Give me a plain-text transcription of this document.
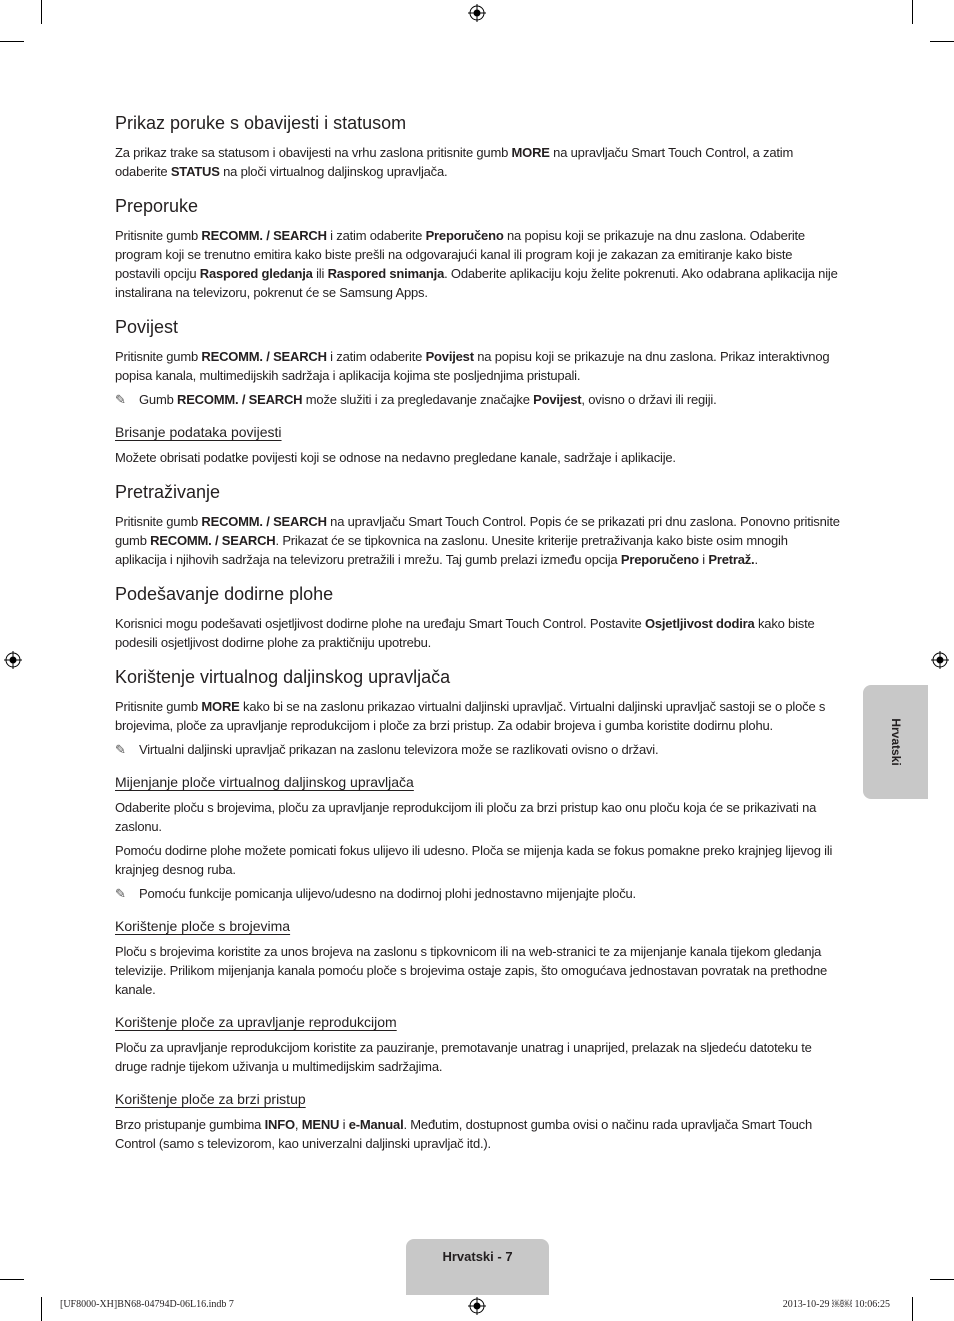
Prikaz poruke s obavijesti i statusom

Za prikaz trake sa statusom i obavijesti na vrhu zaslona pritisnite gumb MORE na upravljaču Smart Touch Control, a zatim odaberite STATUS na ploči virtualnog daljinskog upravljača.

Preporuke

Pritisnite gumb RECOMM. / SEARCH i zatim odaberite Preporučeno na popisu koji se prikazuje na dnu zaslona. Odaberite program koji se trenutno emitira kako biste prešli na odgovarajući kanal ili program koji je zakazan za emitiranje kako biste postavili opciju Raspored gledanja ili Raspored snimanja. Odaberite aplikaciju koju želite pokrenuti. Ako odabrana aplikacija nije instalirana na televizoru, pokrenut će se Samsung Apps.

Povijest

Pritisnite gumb RECOMM. / SEARCH i zatim odaberite Povijest na popisu koji se prikazuje na dnu zaslona. Prikaz interaktivnog popisa kanala, multimedijskih sadržaja i aplikacija kojima ste posljednjima pristupali.

✎ Gumb RECOMM. / SEARCH može služiti i za pregledavanje značajke Povijest, ovisno o državi ili regiji.

Brisanje podataka povijesti

Možete obrisati podatke povijesti koji se odnose na nedavno pregledane kanale, sadržaje i aplikacije.

Pretraživanje

Pritisnite gumb RECOMM. / SEARCH na upravljaču Smart Touch Control. Popis će se prikazati pri dnu zaslona. Ponovno pritisnite gumb RECOMM. / SEARCH. Prikazat će se tipkovnica na zaslonu. Unesite kriterije pretraživanja kako biste osim mnogih aplikacija i njihovih sadržaja na televizoru pretražili i mrežu. Taj gumb prelazi između opcija Preporučeno i Pretraž..

Podešavanje dodirne plohe

Korisnici mogu podešavati osjetljivost dodirne plohe na uređaju Smart Touch Control. Postavite Osjetljivost dodira kako biste podesili osjetljivost dodirne plohe za praktičniju upotrebu.

Korištenje virtualnog daljinskog upravljača

Pritisnite gumb MORE kako bi se na zaslonu prikazao virtualni daljinski upravljač. Virtualni daljinski upravljač sastoji se o ploče s brojevima, ploče za upravljanje reprodukcijom i ploče za brzi pristup. Za odabir brojeva i gumba koristite dodirnu plohu.

✎ Virtualni daljinski upravljač prikazan na zaslonu televizora može se razlikovati ovisno o državi.

Mijenjanje ploče virtualnog daljinskog upravljača

Odaberite ploču s brojevima, ploču za upravljanje reprodukcijom ili ploču za brzi pristup kao onu ploču koja će se prikazivati na zaslonu.

Pomoću dodirne plohe možete pomicati fokus ulijevo ili udesno. Ploča se mijenja kada se fokus pomakne preko krajnjeg lijevog ili krajnjeg desnog ruba.

✎ Pomoću funkcije pomicanja ulijevo/udesno na dodirnoj plohi jednostavno mijenjajte ploču.

Korištenje ploče s brojevima

Ploču s brojevima koristite za unos brojeva na zaslonu s tipkovnicom ili na web-stranici te za mijenjanje kanala tijekom gledanja televizije. Prilikom mijenjanja kanala pomoću ploče s brojevima ostaje zapis, što omogućava jednostavan povratak na prethodne kanale.

Korištenje ploče za upravljanje reprodukcijom

Ploču za upravljanje reprodukcijom koristite za pauziranje, premotavanje unatrag i unaprijed, prelazak na sljedeću datoteku te druge radnje tijekom uživanja u multimedijskim sadržajima.

Korištenje ploče za brzi pristup

Brzo pristupanje gumbima INFO, MENU i e-Manual. Međutim, dostupnost gumba ovisi o načinu rada upravljača Smart Touch Control (samo s televizorom, kao univerzalni daljinski upravljač itd.).

Hrvatski
Hrvatski - 7
[UF8000-XH]BN68-04794D-06L16.indb 7	2013-10-29 ￼￼ 10:06:25
